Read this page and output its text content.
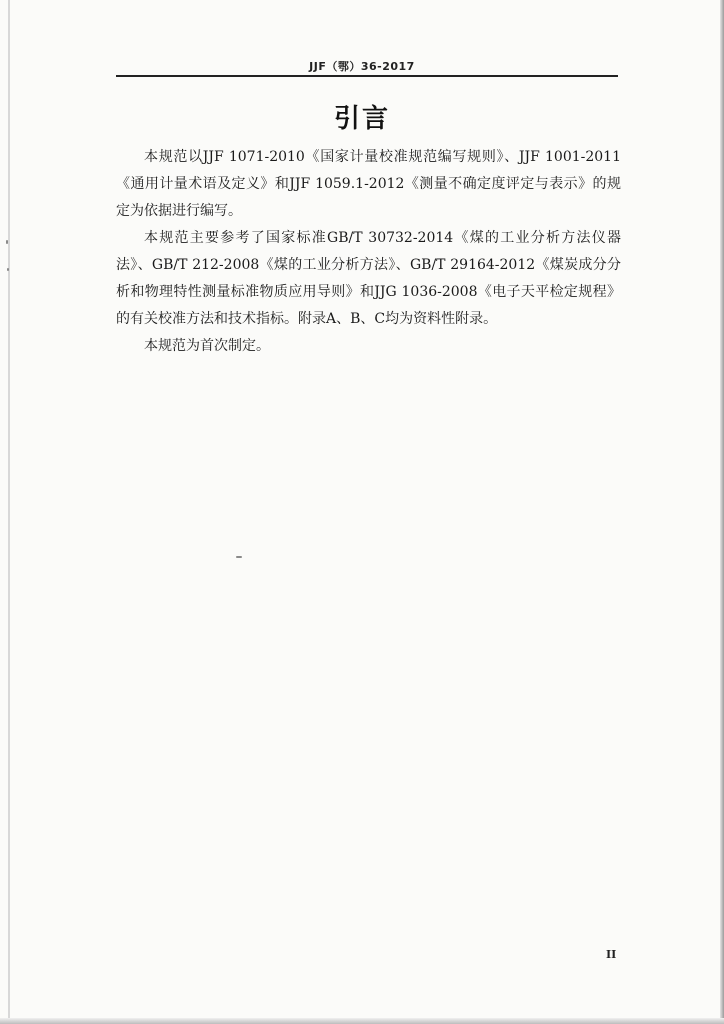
JJF（鄂）36-2017
引言

本规范以JJF 1071-2010《国家计量校准规范编写规则》、JJF 1001-2011《通用计量术语及定义》和JJF 1059.1-2012《测量不确定度评定与表示》的规定为依据进行编写。

本规范主要参考了国家标准GB/T 30732-2014《煤的工业分析方法仪器法》、GB/T 212-2008《煤的工业分析方法》、GB/T 29164-2012《煤炭成分分析和物理特性测量标准物质应用导则》和JJG 1036-2008《电子天平检定规程》的有关校准方法和技术指标。附录A、B、C均为资料性附录。

本规范为首次制定。

II
